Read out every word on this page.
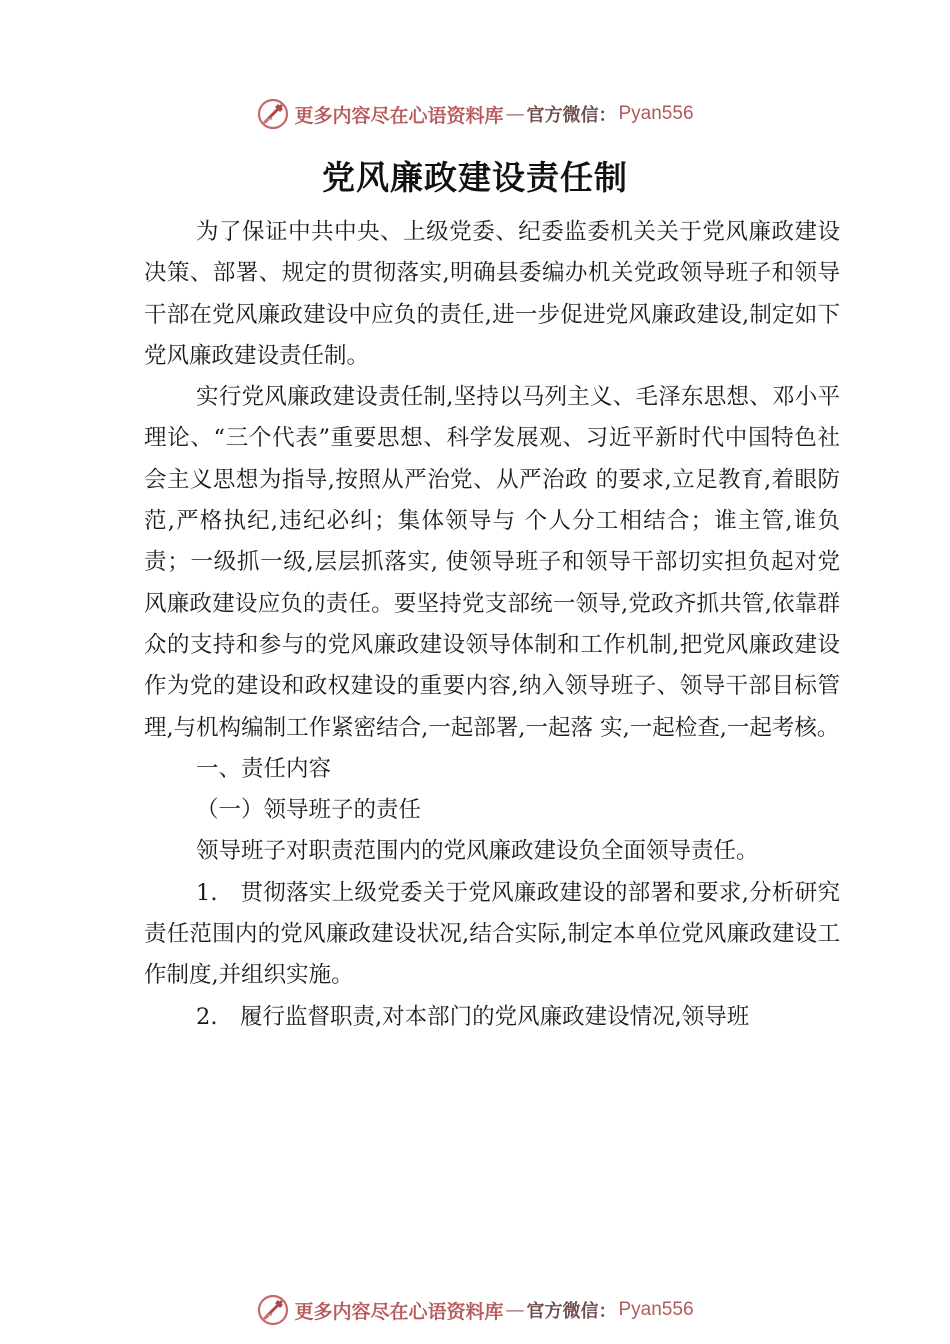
更多内容尽在心语资料库 — 官方微信： Pyan556
党风廉政建设责任制

为了保证中共中央、上级党委、纪委监委机关关于党风廉政建设决策、部署、规定的贯彻落实,明确县委编办机关党政领导班子和领导干部在党风廉政建设中应负的责任,进一步促进党风廉政建设,制定如下党风廉政建设责任制。

实行党风廉政建设责任制,坚持以马列主义、毛泽东思想、邓小平理论、“三个代表”重要思想、科学发展观、习近平新时代中国特色社会主义思想为指导,按照从严治党、从严治政 的要求,立足教育,着眼防范,严格执纪,违纪必纠；集体领导与 个人分工相结合；谁主管,谁负责；一级抓一级,层层抓落实, 使领导班子和领导干部切实担负起对党风廉政建设应负的责任。要坚持党支部统一领导,党政齐抓共管,依靠群众的支持和参与的党风廉政建设领导体制和工作机制,把党风廉政建设作为党的建设和政权建设的重要内容,纳入领导班子、领导干部目标管理,与机构编制工作紧密结合,一起部署,一起落 实,一起检查,一起考核。

一、责任内容

（一）领导班子的责任

领导班子对职责范围内的党风廉政建设负全面领导责任。

1.　贯彻落实上级党委关于党风廉政建设的部署和要求,分析研究责任范围内的党风廉政建设状况,结合实际,制定本单位党风廉政建设工作制度,并组织实施。

2.　履行监督职责,对本部门的党风廉政建设情况,领导班

更多内容尽在心语资料库 — 官方微信： Pyan556
